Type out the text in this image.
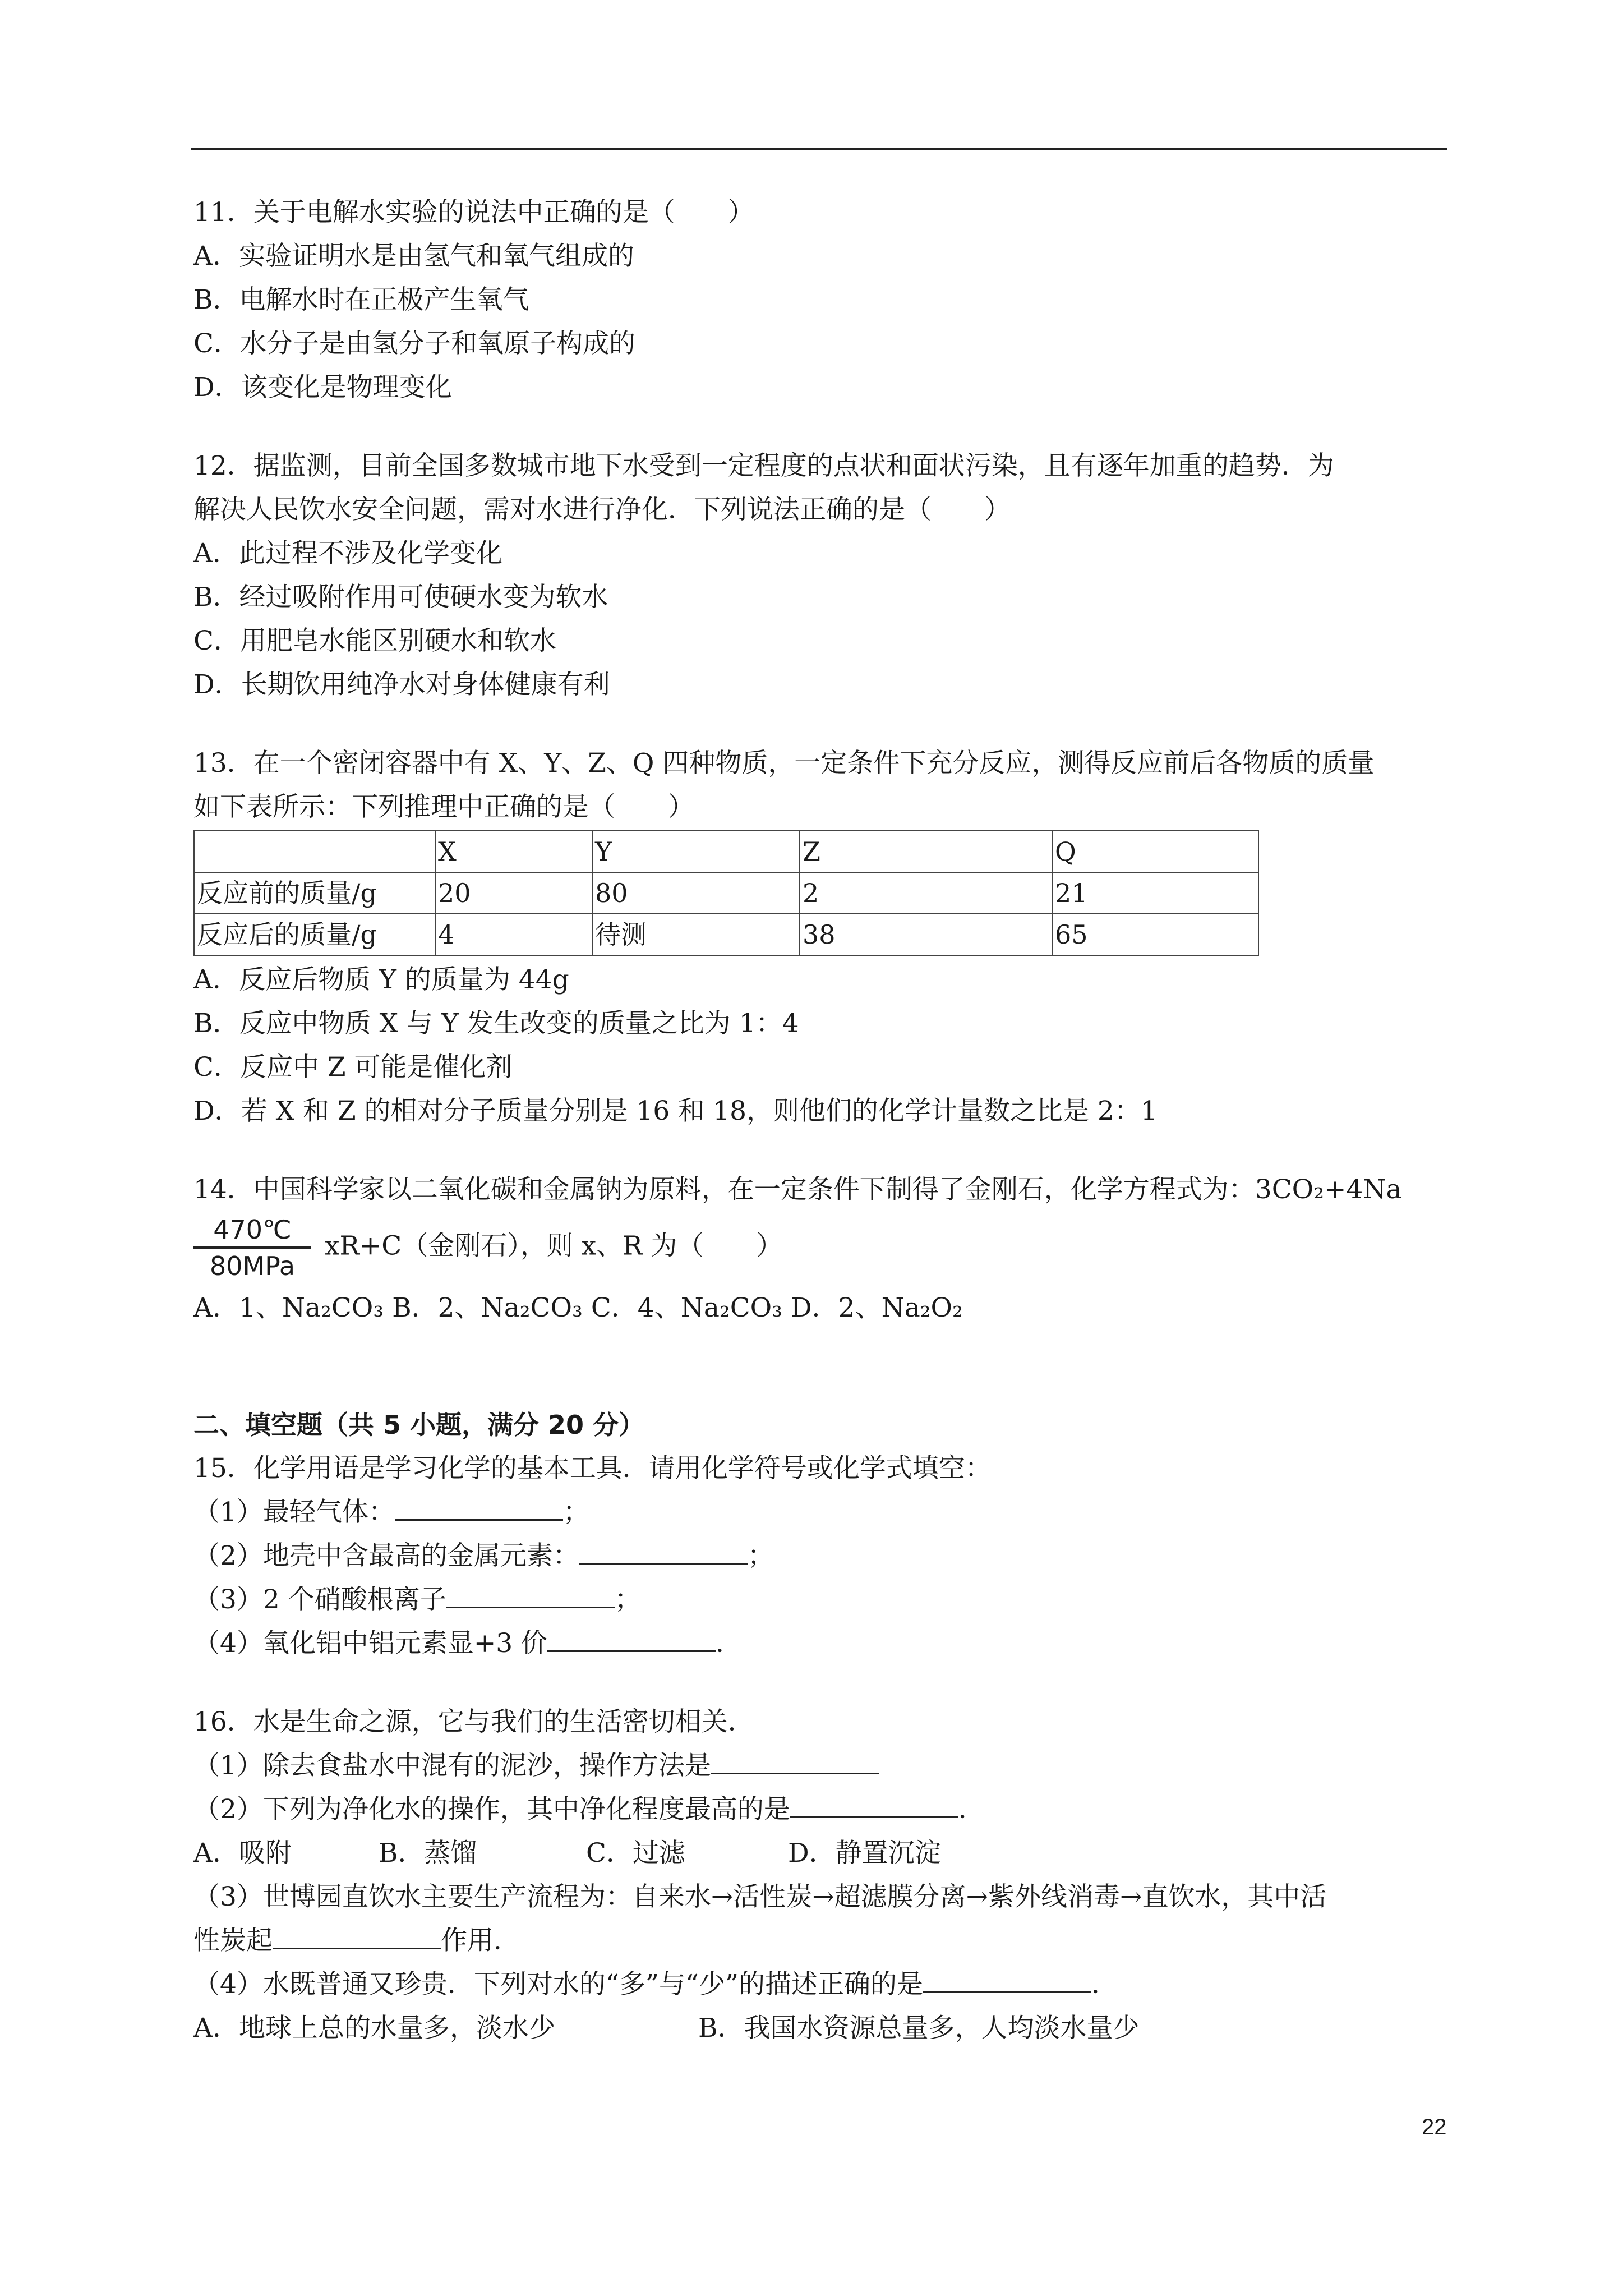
11．关于电解水实验的说法中正确的是（　　）
A．实验证明水是由氢气和氧气组成的
B．电解水时在正极产生氧气
C．水分子是由氢分子和氧原子构成的
D．该变化是物理变化
12．据监测，目前全国多数城市地下水受到一定程度的点状和面状污染，且有逐年加重的趋势．为
解决人民饮水安全问题，需对水进行净化．下列说法正确的是（　　）
A．此过程不涉及化学变化
B．经过吸附作用可使硬水变为软水
C．用肥皂水能区别硬水和软水
D．长期饮用纯净水对身体健康有利
13．在一个密闭容器中有 X、Y、Z、Q 四种物质，一定条件下充分反应，测得反应前后各物质的质量
如下表所示：下列推理中正确的是（　　）
	X	Y	Z	Q
反应前的质量/g	20	80	2	21
反应后的质量/g	4	待测	38	65
A．反应后物质 Y 的质量为 44g
B．反应中物质 X 与 Y 发生改变的质量之比为 1：4
C．反应中 Z 可能是催化剂
D．若 X 和 Z 的相对分子质量分别是 16 和 18，则他们的化学计量数之比是 2：1
14．中国科学家以二氧化碳和金属钠为原料，在一定条件下制得了金刚石，化学方程式为：3CO₂+4Na
470℃
80MPa
xR+C（金刚石），则 x、R 为（　　）
A．1、Na₂CO₃ B．2、Na₂CO₃ C．4、Na₂CO₃ D．2、Na₂O₂
二、填空题（共 5 小题，满分 20 分）
15．化学用语是学习化学的基本工具．请用化学符号或化学式填空：
（1）最轻气体：	；
（2）地壳中含最高的金属元素：	；
（3）2 个硝酸根离子	；
（4）氧化铝中铝元素显+3 价	．
16．水是生命之源，它与我们的生活密切相关．
（1）除去食盐水中混有的泥沙，操作方法是
（2）下列为净化水的操作，其中净化程度最高的是	．
A．吸附	B．蒸馏	C．过滤	D．静置沉淀
（3）世博园直饮水主要生产流程为：自来水→活性炭→超滤膜分离→紫外线消毒→直饮水，其中活
性炭起	作用．
（4）水既普通又珍贵．下列对水的“多”与“少”的描述正确的是	．
A．地球上总的水量多，淡水少	B．我国水资源总量多，人均淡水量少
22
